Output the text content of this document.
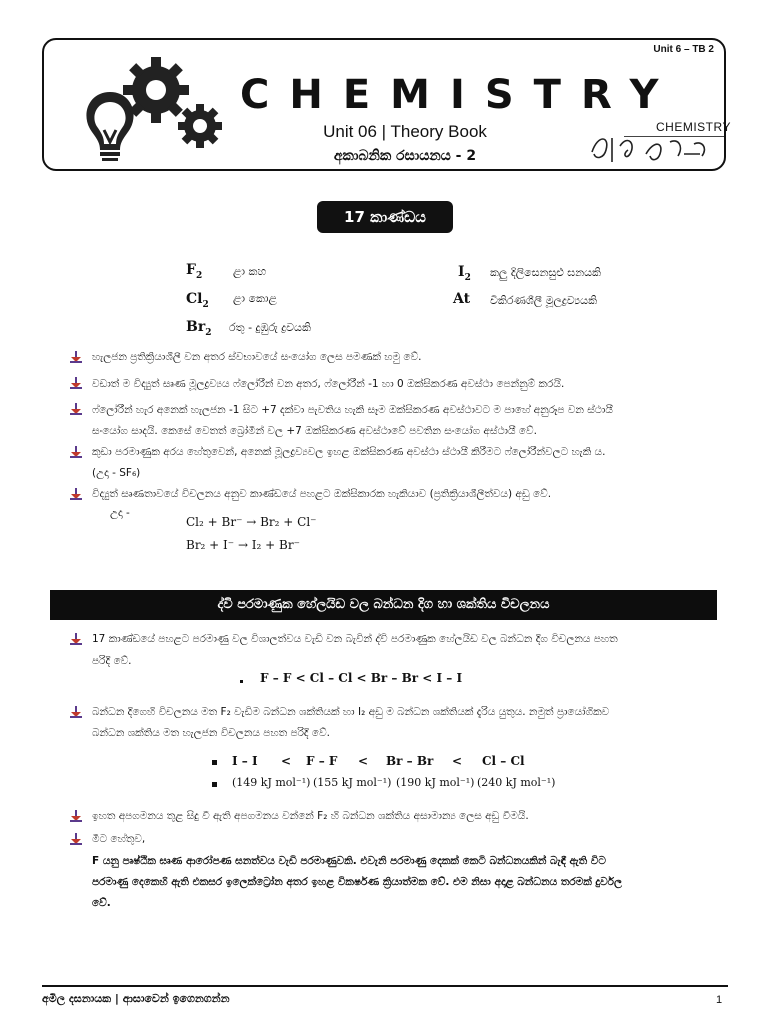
Unit 6 – TB 2
CHEMISTRY
Unit 06 | Theory Book
අකාබනික රසායනය - 2
CHEMISTRY
17 කාණ්ඩය
$F_2$	ළා කහ
$Cl_2$ ළා කොළ
$Br_2$ රතු - දුඹුරු ද්‍රවයකි
$I_2$ කලු දිලිසෙනසුළු ඝනයකි
At විකිරණශීලී මූලද්‍රව්‍යයකි
හැලජන ප්‍රතික්‍රියාශීලී වන අතර ස්වභාවයේ සංයෝග ලෙස පමණක් හමු වේ.
වඩාත් ම විද්‍යුත් සෘණ මූලද්‍රව්‍යය ෆ්ලෝරීන් වන අතර, ෆ්ලෝරීන් -1 හා 0 ඔක්සිකරණ අවස්ථා පෙන්නුම් කරයි.
ෆ්ලෝරීන් හැර අනෙක් හැලජන -1 සිට +7 දක්වා පැවතිය හැකි සෑම ඔක්සිකරණ අවස්ථාවට ම පාහේ අනුරූප වන ස්ථායී
සංයෝග සාදයි. කෙසේ වෙතත් බ්‍රෝමීන් වල +7 ඔක්සිකරණ අවස්ථාවේ පවතින සංයෝග අස්ථායී වේ.
කුඩා පරමාණුක අරය හේතුවෙන්, අනෙක් මූලද්‍රව්‍යවල ඉහළ ඔක්සිකරණ අවස්ථා ස්ථායී කිරීමට ෆ්ලෝරීන්වලට හැකි ය.
(උදා - SF₆)
විද්‍යුත් සෘණතාවයේ විචලනය අනුව කාණ්ඩයේ පහළට ඔක්සිකාරක හැකියාව (ප්‍රතික්‍රියාශීලීත්වය) අඩු වේ.
උදා -
Cl₂ + Br⁻ → Br₂ + Cl⁻
Br₂ + I⁻ → I₂ + Br⁻
ද්වි පරමාණුක හේලයිඩ වල බන්ධන දිග හා ශක්තිය විචලනය
17 කාණ්ඩයේ පහළට පරමාණු වල විශාලත්වය වැඩි වන බැවින් ද්වි පරමාණුක හේලයිඩ වල බන්ධන දිග විචලනය පහත
පරිදි වේ.
F – F < Cl – Cl < Br – Br < I – I
බන්ධන දිගෙහි විචලනය මත F₂ වැඩිම බන්ධන ශක්තියක් හා I₂ අඩු ම බන්ධන ශක්තියක් දැරිය යුතුය. නමුත් ප්‍රායෝගිකව
බන්ධන ශක්තිය මත හැලජන විචලනය පහත පරිදි වේ.
I – I < F – F < Br – Br < Cl – Cl
(149 kJ mol⁻¹) (155 kJ mol⁻¹) (190 kJ mol⁻¹) (240 kJ mol⁻¹)
ඉහත අපගමනය තුළ සිදු වී ඇති අපගමනය වන්නේ F₂ හි බන්ධන ශක්තිය අසාමාන්‍ය ලෙස අඩු වීමයි.
මීට හේතුව,
F යනු පෘෂ්ඨික ඝෘණ ආරෝපණ ඝනත්වය වැඩි පරමාණුවකි. එවැනි පරමාණු දෙකක් කෙටි බන්ධනයකින් බැඳී ඇති විට
පරමාණු දෙකෙහි ඇති එකසර ඉලෙක්ට්‍රෝන අතර ඉහළ විකර්ෂණ ක්‍රියාත්මක වේ. එම නිසා අදාළ බන්ධනය තරමක් දුර්වල
වේ.
අමිල දසනායක | ආසාවෙන් ඉගෙනගන්න	1
